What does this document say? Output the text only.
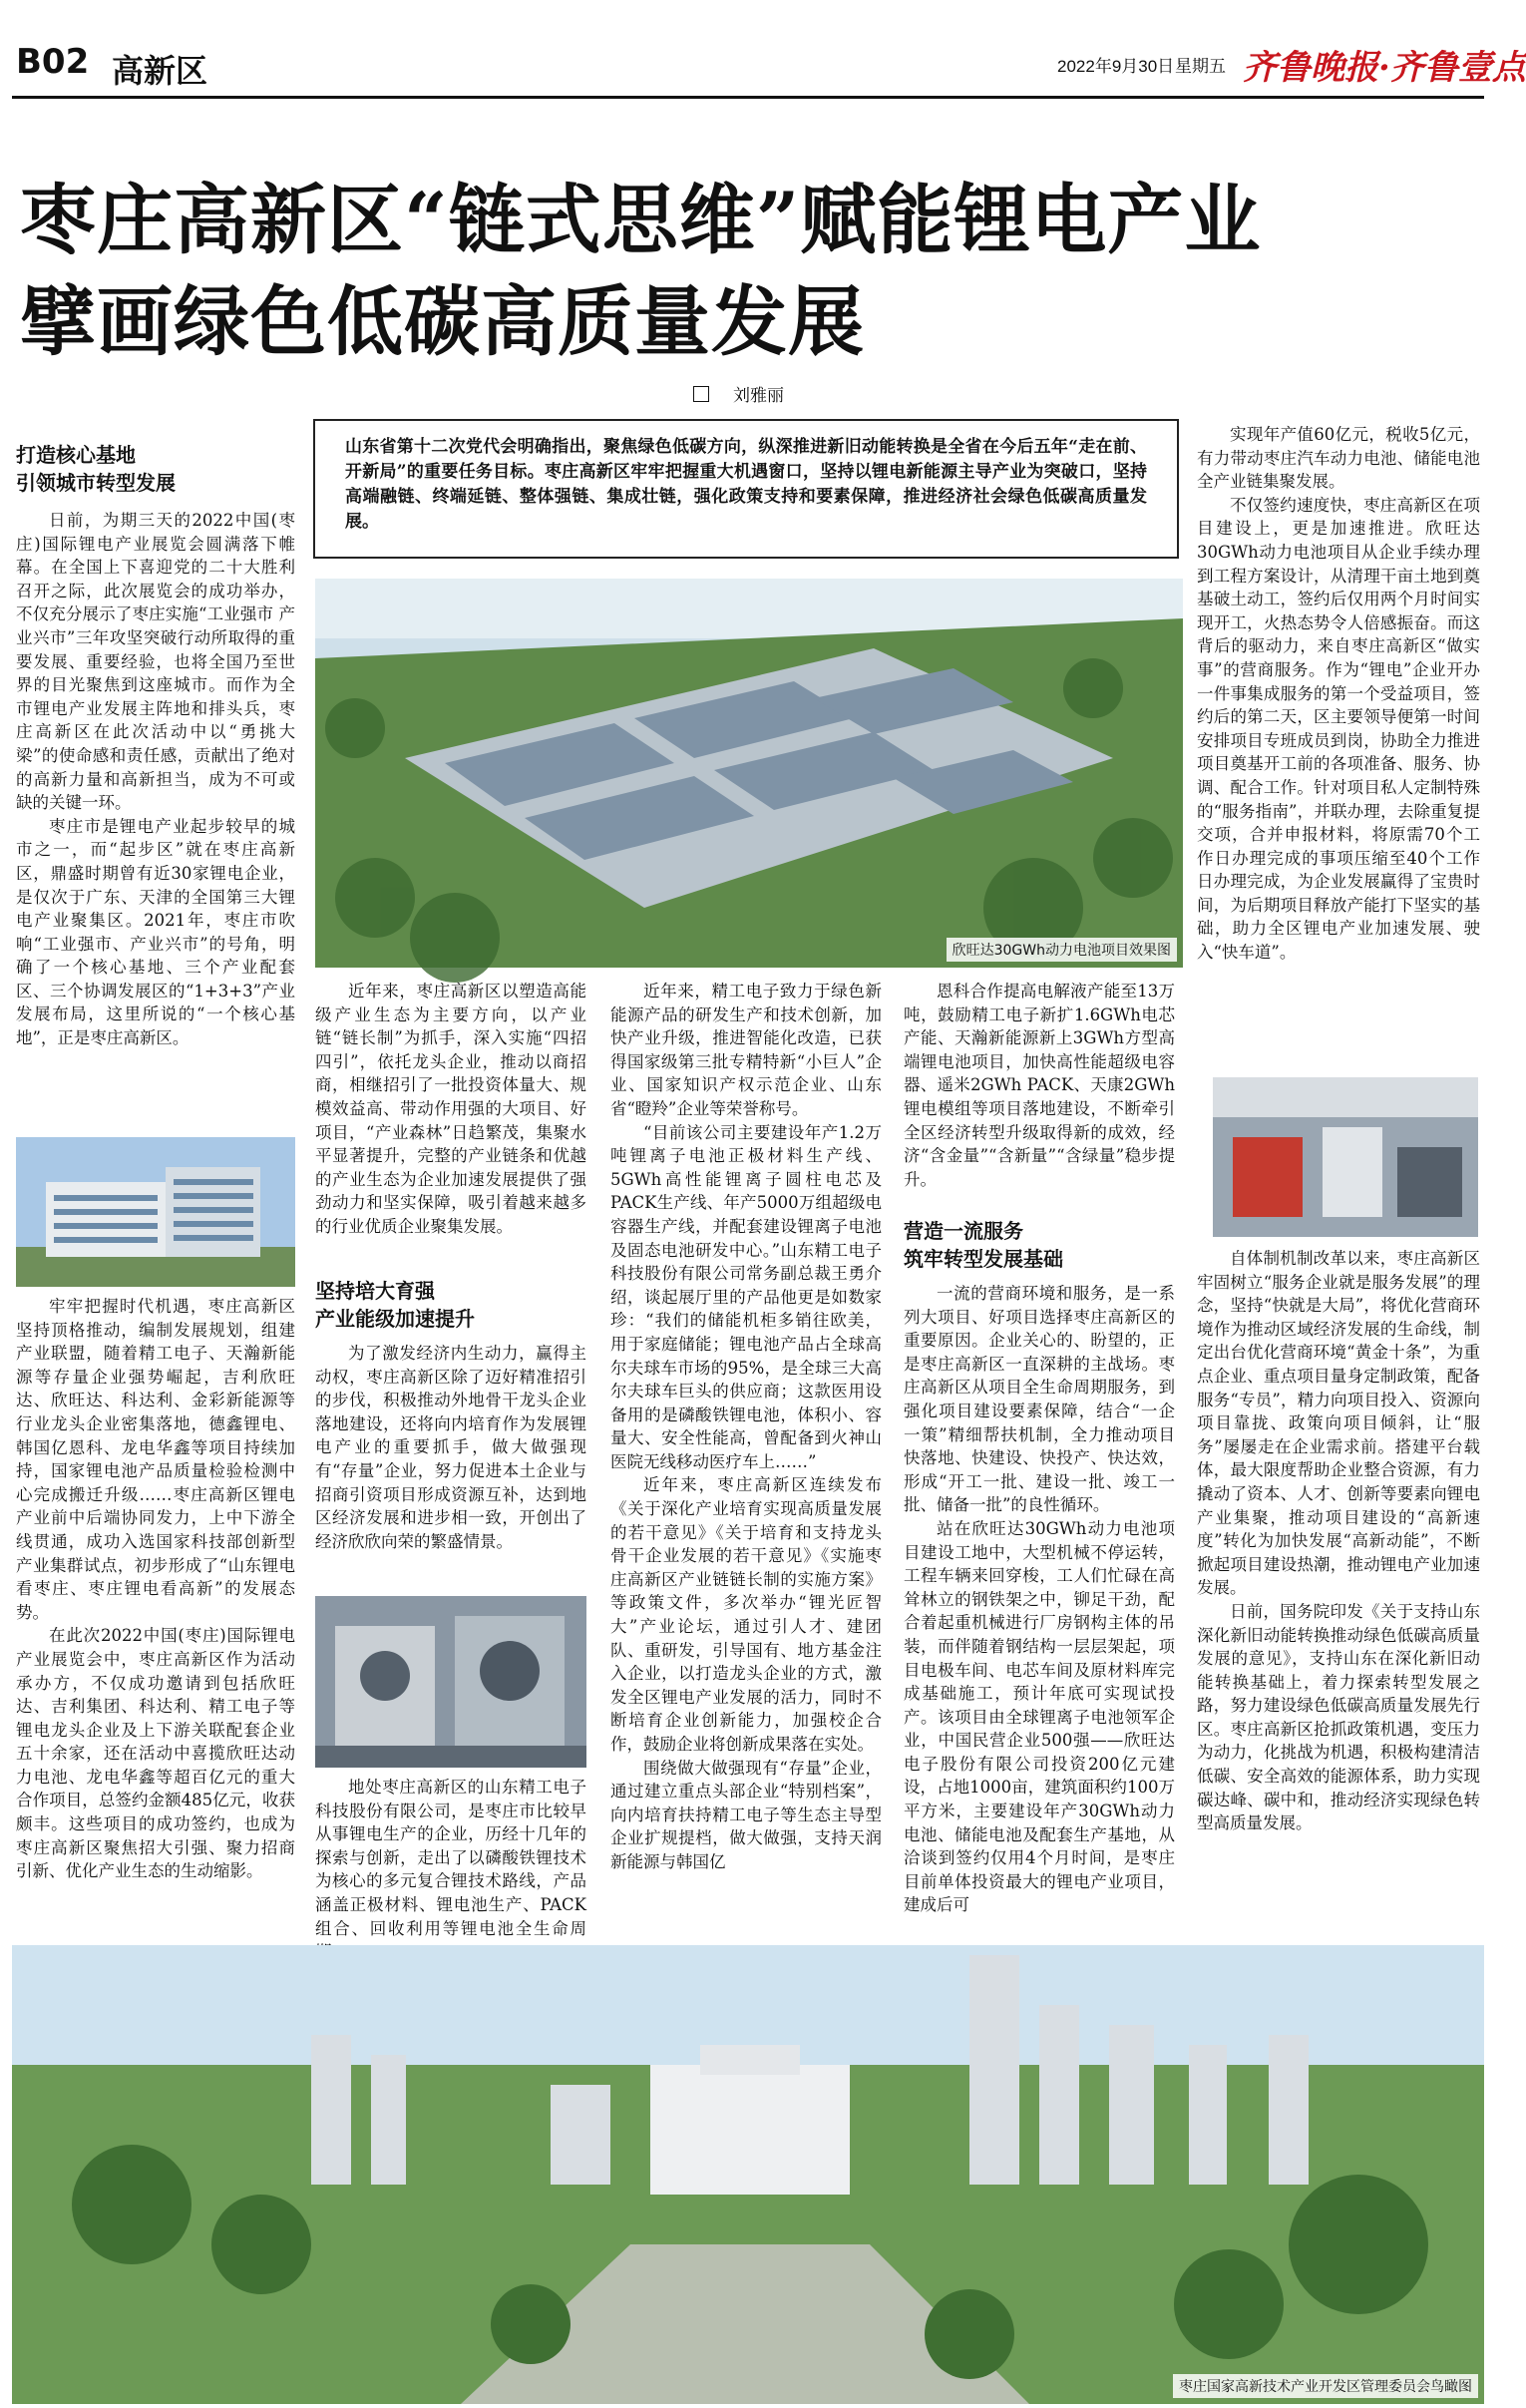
B02 高新区	2022年9月30日 星期五 齐鲁晚报·齐鲁壹点
枣庄高新区“链式思维”赋能锂电产业
擘画绿色低碳高质量发展
刘雅丽
山东省第十二次党代会明确指出，聚焦绿色低碳方向，纵深推进新旧动能转换是全省在今后五年“走在前、开新局”的重要任务目标。枣庄高新区牢牢把握重大机遇窗口，坚持以锂电新能源主导产业为突破口，坚持高端融链、终端延链、整体强链、集成壮链，强化政策支持和要素保障，推进经济社会绿色低碳高质量发展。
打造核心基地
引领城市转型发展

日前，为期三天的2022中国(枣庄)国际锂电产业展览会圆满落下帷幕。在全国上下喜迎党的二十大胜利召开之际，此次展览会的成功举办，不仅充分展示了枣庄实施“工业强市 产业兴市”三年攻坚突破行动所取得的重要发展、重要经验，也将全国乃至世界的目光聚焦到这座城市。而作为全市锂电产业发展主阵地和排头兵，枣庄高新区在此次活动中以“勇挑大梁”的使命感和责任感，贡献出了绝对的高新力量和高新担当，成为不可或缺的关键一环。

枣庄市是锂电产业起步较早的城市之一，而“起步区”就在枣庄高新区，鼎盛时期曾有近30家锂电企业，是仅次于广东、天津的全国第三大锂电产业聚集区。2021年，枣庄市吹响“工业强市、产业兴市”的号角，明确了一个核心基地、三个产业配套区、三个协调发展区的“1+3+3”产业发展布局，这里所说的“一个核心基地”，正是枣庄高新区。

牢牢把握时代机遇，枣庄高新区坚持顶格推动，编制发展规划，组建产业联盟，随着精工电子、天瀚新能源等存量企业强势崛起，吉利欣旺达、欣旺达、科达利、金彩新能源等行业龙头企业密集落地，德鑫锂电、韩国亿恩科、龙电华鑫等项目持续加持，国家锂电池产品质量检验检测中心完成搬迁升级……枣庄高新区锂电产业前中后端协同发力，上中下游全线贯通，成功入选国家科技部创新型产业集群试点，初步形成了“山东锂电看枣庄、枣庄锂电看高新”的发展态势。

在此次2022中国(枣庄)国际锂电产业展览会中，枣庄高新区作为活动承办方，不仅成功邀请到包括欣旺达、吉利集团、科达利、精工电子等锂电龙头企业及上下游关联配套企业五十余家，还在活动中喜揽欣旺达动力电池、龙电华鑫等超百亿元的重大合作项目，总签约金额485亿元，收获颇丰。这些项目的成功签约，也成为枣庄高新区聚焦招大引强、聚力招商引新、优化产业生态的生动缩影。

欣旺达30GWh动力电池项目效果图

近年来，枣庄高新区以塑造高能级产业生态为主要方向，以产业链“链长制”为抓手，深入实施“四招四引”，依托龙头企业，推动以商招商，相继招引了一批投资体量大、规模效益高、带动作用强的大项目、好项目，“产业森林”日趋繁茂，集聚水平显著提升，完整的产业链条和优越的产业生态为企业加速发展提供了强劲动力和坚实保障，吸引着越来越多的行业优质企业聚集发展。

坚持培大育强
产业能级加速提升

为了激发经济内生动力，赢得主动权，枣庄高新区除了迈好精准招引的步伐，积极推动外地骨干龙头企业落地建设，还将向内培育作为发展锂电产业的重要抓手，做大做强现有“存量”企业，努力促进本土企业与招商引资项目形成资源互补，达到地区经济发展和进步相一致，开创出了经济欣欣向荣的繁盛情景。

地处枣庄高新区的山东精工电子科技股份有限公司，是枣庄市比较早从事锂电生产的企业，历经十几年的探索与创新，走出了以磷酸铁锂技术为核心的多元复合锂技术路线，产品涵盖正极材料、锂电池生产、PACK组合、回收利用等锂电池全生命周

近年来，精工电子致力于绿色新能源产品的研发生产和技术创新，加快产业升级，推进智能化改造，已获得国家级第三批专精特新“小巨人”企业、国家知识产权示范企业、山东省“瞪羚”企业等荣誉称号。

“目前该公司主要建设年产1.2万吨锂离子电池正极材料生产线、5GWh高性能锂离子圆柱电芯及PACK生产线、年产5000万组超级电容器生产线，并配套建设锂离子电池及固态电池研发中心。”山东精工电子科技股份有限公司常务副总裁王勇介绍，谈起展厅里的产品他更是如数家珍：“我们的储能机柜多销往欧美，用于家庭储能；锂电池产品占全球高尔夫球车市场的95%，是全球三大高尔夫球车巨头的供应商；这款医用设备用的是磷酸铁锂电池，体积小、容量大、安全性能高，曾配备到火神山医院无线移动医疗车上……”

近年来，枣庄高新区连续发布《关于深化产业培育实现高质量发展的若干意见》《关于培育和支持龙头骨干企业发展的若干意见》《实施枣庄高新区产业链链长制的实施方案》等政策文件，多次举办“锂光匠智大”产业论坛，通过引人才、建团队、重研发，引导国有、地方基金注入企业，以打造龙头企业的方式，激发全区锂电产业发展的活力，同时不断培育企业创新能力，加强校企合作，鼓励企业将创新成果落在实处。

围绕做大做强现有“存量”企业，通过建立重点头部企业“特别档案”，向内培育扶持精工电子等生态主导型企业扩规提档，做大做强，支持天润新能源与韩国亿

恩科合作提高电解液产能至13万吨，鼓励精工电子新扩1.6GWh电芯产能、天瀚新能源新上3GWh方型高端锂电池项目，加快高性能超级电容器、遥米2GWh PACK、天康2GWh锂电模组等项目落地建设，不断牵引全区经济转型升级取得新的成效，经济“含金量”“含新量”“含绿量”稳步提升。

营造一流服务
筑牢转型发展基础

一流的营商环境和服务，是一系列大项目、好项目选择枣庄高新区的重要原因。企业关心的、盼望的，正是枣庄高新区一直深耕的主战场。枣庄高新区从项目全生命周期服务，到强化项目建设要素保障，结合“一企一策”精细帮扶机制，全力推动项目快落地、快建设、快投产、快达效，形成“开工一批、建设一批、竣工一批、储备一批”的良性循环。

站在欣旺达30GWh动力电池项目建设工地中，大型机械不停运转，工程车辆来回穿梭，工人们忙碌在高耸林立的钢铁架之中，铆足干劲，配合着起重机械进行厂房钢构主体的吊装，而伴随着钢结构一层层架起，项目电极车间、电芯车间及原材料库完成基础施工，预计年底可实现试投产。该项目由全球锂离子电池领军企业，中国民营企业500强——欣旺达电子股份有限公司投资200亿元建设，占地1000亩，建筑面积约100万平方米，主要建设年产30GWh动力电池、储能电池及配套生产基地，从洽谈到签约仅用4个月时间，是枣庄目前单体投资最大的锂电产业项目，建成后可

实现年产值60亿元，税收5亿元，有力带动枣庄汽车动力电池、储能电池全产业链集聚发展。

不仅签约速度快，枣庄高新区在项目建设上，更是加速推进。欣旺达30GWh动力电池项目从企业手续办理到工程方案设计，从清理干亩土地到奠基破土动工，签约后仅用两个月时间实现开工，火热态势令人倍感振奋。而这背后的驱动力，来自枣庄高新区“做实事”的营商服务。作为“锂电”企业开办一件事集成服务的第一个受益项目，签约后的第二天，区主要领导便第一时间安排项目专班成员到岗，协助全力推进项目奠基开工前的各项准备、服务、协调、配合工作。针对项目私人定制特殊的“服务指南”，并联办理，去除重复提交项，合并申报材料，将原需70个工作日办理完成的事项压缩至40个工作日办理完成，为企业发展赢得了宝贵时间，为后期项目释放产能打下坚实的基础，助力全区锂电产业加速发展、驶入“快车道”。

自体制机制改革以来，枣庄高新区牢固树立“服务企业就是服务发展”的理念，坚持“快就是大局”，将优化营商环境作为推动区域经济发展的生命线，制定出台优化营商环境“黄金十条”，为重点企业、重点项目量身定制政策，配备服务“专员”，精力向项目投入、资源向项目靠拢、政策向项目倾斜，让“服务”屡屡走在企业需求前。搭建平台载体，最大限度帮助企业整合资源，有力撬动了资本、人才、创新等要素向锂电产业集聚，推动项目建设的“高新速度”转化为加快发展“高新动能”，不断掀起项目建设热潮，推动锂电产业加速发展。

日前，国务院印发《关于支持山东深化新旧动能转换推动绿色低碳高质量发展的意见》，支持山东在深化新旧动能转换基础上，着力探索转型发展之路，努力建设绿色低碳高质量发展先行区。枣庄高新区抢抓政策机遇，变压力为动力，化挑战为机遇，积极构建清洁低碳、安全高效的能源体系，助力实现碳达峰、碳中和，推动经济实现绿色转型高质量发展。

枣庄国家高新技术产业开发区管理委员会鸟瞰图
